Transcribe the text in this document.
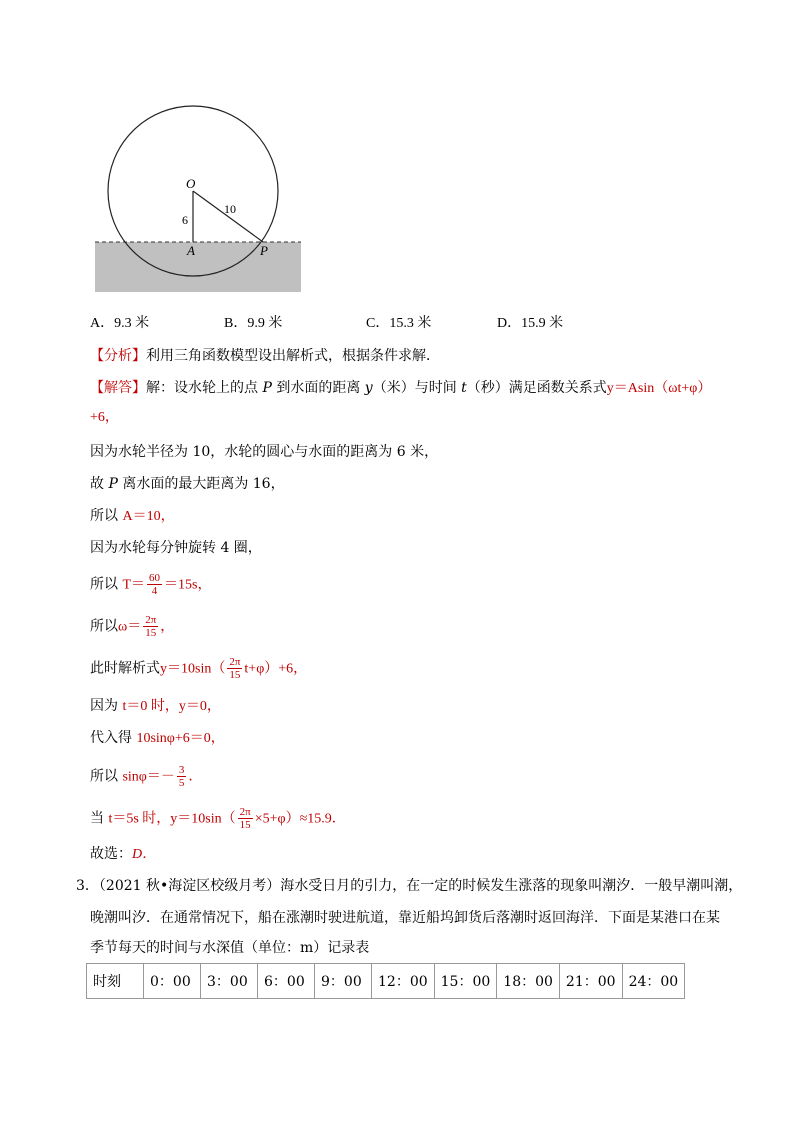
O
6
10
A	P
A．9.3 米	B．9.9 米	C．15.3 米	D．15.9 米
【分析】利用三角函数模型设出解析式，根据条件求解．
【解答】解：设水轮上的点 P 到水面的距离 y（米）与时间 t（秒）满足函数关系式y＝Asin（ωt+φ）
+6，
因为水轮半径为 10，水轮的圆心与水面的距离为 6 米，
故 P 离水面的最大距离为 16，
所以 A＝10，
因为水轮每分钟旋转 4 圈，
所以 $T= \frac{60}{4} =15s$，
所以$\omega= \frac{2\pi}{15}$ ，
此时解析式$y=10\sin( \frac{2\pi}{15} t+\varphi)+6$，
因为 t＝0 时，y＝0，
代入得 10sinφ+6＝0，
所以 $\sin\varphi=- \frac{3}{5}$ ．
当 t＝5s 时，$y=10\sin( \frac{2\pi}{15} \times 5+\varphi)\approx 15.9$．
故选：D．
3．（2021 秋•海淀区校级月考）海水受日月的引力，在一定的时候发生涨落的现象叫潮汐．一般早潮叫潮，
晚潮叫汐．在通常情况下，船在涨潮时驶进航道，靠近船坞卸货后落潮时返回海洋．下面是某港口在某
季节每天的时间与水深值（单位：m）记录表
时刻	0：00	3：00	6：00	9：00	12：00	15：00	18：00	21：00	24：00
